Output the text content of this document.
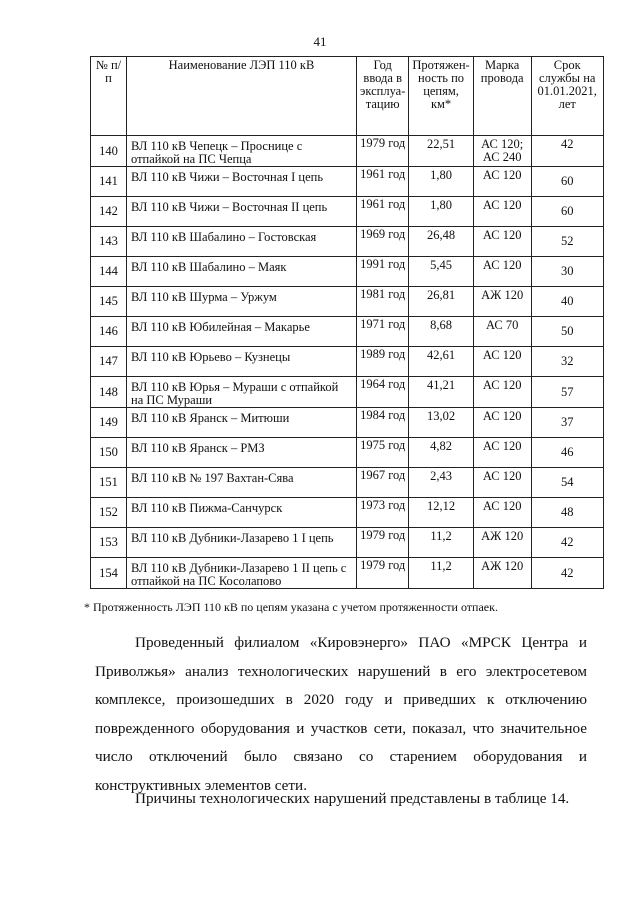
41
№ п/п	Наименование ЛЭП 110 кВ	Год ввода в эксплуа-тацию	Протяжен-ность по цепям, км*	Марка провода	Срок службы на 01.01.2021, лет
140	ВЛ 110 кВ Чепецк – Проснице с отпайкой на ПС Чепца	1979 год	22,51	АС 120; АС 240	42
141	ВЛ 110 кВ Чижи – Восточная I цепь	1961 год	1,80	АС 120	60
142	ВЛ 110 кВ Чижи – Восточная II цепь	1961 год	1,80	АС 120	60
143	ВЛ 110 кВ Шабалино – Гостовская	1969 год	26,48	АС 120	52
144	ВЛ 110 кВ Шабалино – Маяк	1991 год	5,45	АС 120	30
145	ВЛ 110 кВ Шурма – Уржум	1981 год	26,81	АЖ 120	40
146	ВЛ 110 кВ Юбилейная – Макарье	1971 год	8,68	АС 70	50
147	ВЛ 110 кВ Юрьево – Кузнецы	1989 год	42,61	АС 120	32
148	ВЛ 110 кВ Юрья – Мураши с отпайкой на ПС Мураши	1964 год	41,21	АС 120	57
149	ВЛ 110 кВ Яранск – Митюши	1984 год	13,02	АС 120	37
150	ВЛ 110 кВ Яранск – РМЗ	1975 год	4,82	АС 120	46
151	ВЛ 110 кВ № 197 Вахтан-Сява	1967 год	2,43	АС 120	54
152	ВЛ 110 кВ Пижма-Санчурск	1973 год	12,12	АС 120	48
153	ВЛ 110 кВ Дубники-Лазарево 1 I цепь	1979 год	11,2	АЖ 120	42
154	ВЛ 110 кВ Дубники-Лазарево 1 II цепь с отпайкой на ПС Косолапово	1979 год	11,2	АЖ 120	42
* Протяженность ЛЭП 110 кВ по цепям указана с учетом протяженности отпаек.

Проведенный филиалом «Кировэнерго» ПАО «МРСК Центра и Приволжья» анализ технологических нарушений в его электросетевом комплексе, произошедших в 2020 году и приведших к отключению поврежденного оборудования и участков сети, показал, что значительное число отключений было связано со старением оборудования и конструктивных элементов сети.

Причины технологических нарушений представлены в таблице 14.
